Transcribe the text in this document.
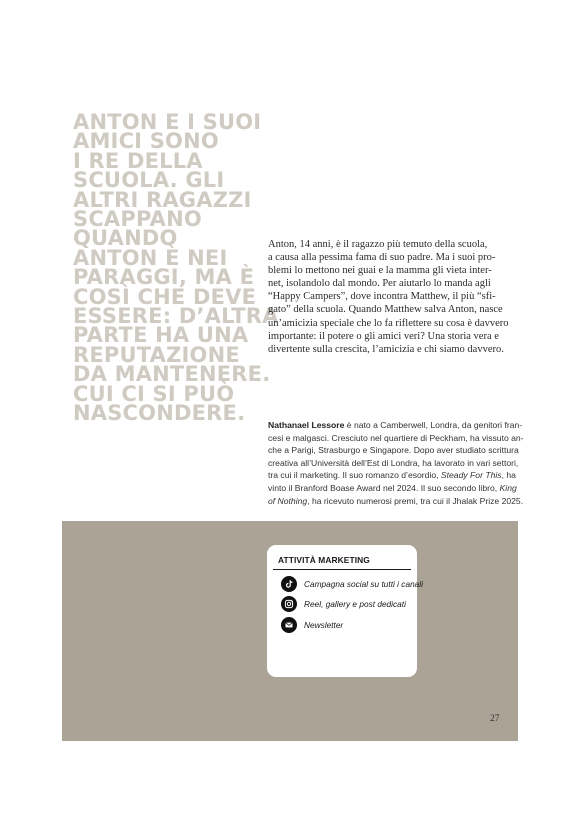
ANTON E I SUOI
AMICI SONO
I RE DELLA
SCUOLA. GLI
ALTRI RAGAZZI
SCAPPANO
QUANDO
ANTON È NEI
PARAGGI, MA È
COSÌ CHE DEVE
ESSERE: D’ALTRA
PARTE HA UNA
REPUTAZIONE
DA MANTENERE.
CUI CI SI PUÒ
NASCONDERE.
Anton, 14 anni, è il ragazzo più temuto della scuola,
a causa alla pessima fama di suo padre. Ma i suoi pro-
blemi lo mettono nei guai e la mamma gli vieta inter-
net, isolandolo dal mondo. Per aiutarlo lo manda agli
“Happy Campers”, dove incontra Matthew, il più “sfi-
gato” della scuola. Quando Matthew salva Anton, nasce
un’amicizia speciale che lo fa riflettere su cosa è davvero
importante: il potere o gli amici veri? Una storia vera e
divertente sulla crescita, l’amicizia e chi siamo davvero.
Nathanael Lessore è nato a Camberwell, Londra, da genitori fran-
cesi e malgasci. Cresciuto nel quartiere di Peckham, ha vissuto an-
che a Parigi, Strasburgo e Singapore. Dopo aver studiato scrittura
creativa all’Università dell’Est di Londra, ha lavorato in vari settori,
tra cui il marketing. Il suo romanzo d’esordio, Steady For This, ha
vinto il Branford Boase Award nel 2024. Il suo secondo libro, King
of Nothing, ha ricevuto numerosi premi, tra cui il Jhalak Prize 2025.
ATTIVITÀ MARKETING
Campagna social su tutti i canali
Reel, gallery e post dedicati
Newsletter
27
